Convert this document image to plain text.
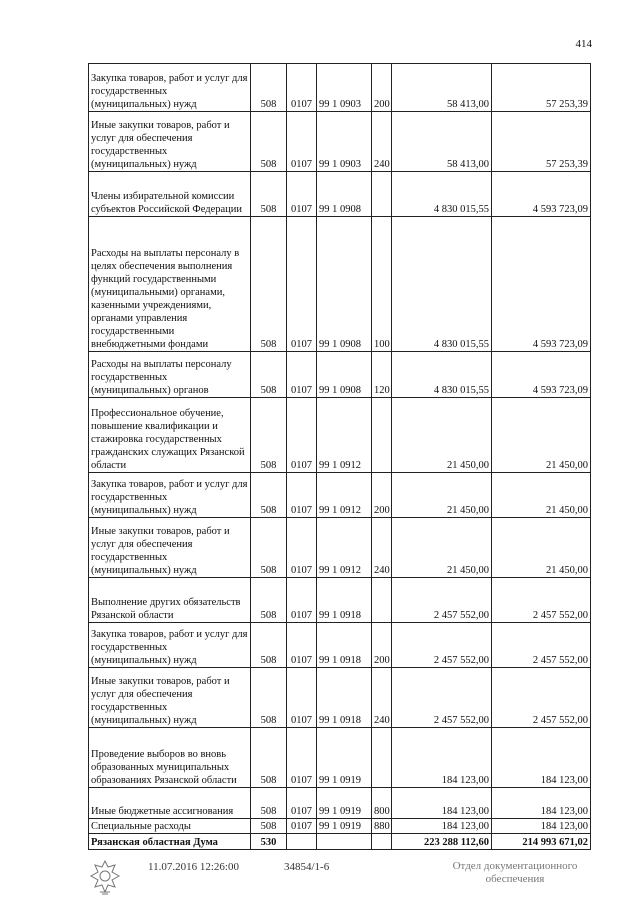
414
Закупка товаров, работ и услуг для государственных (муниципальных) нужд	508	0107	99 1 0903	200	58 413,00	57 253,39
Иные закупки товаров, работ и услуг для обеспечения государственных (муниципальных) нужд	508	0107	99 1 0903	240	58 413,00	57 253,39
Члены избирательной комиссии субъектов Российской Федерации	508	0107	99 1 0908		4 830 015,55	4 593 723,09
Расходы на выплаты персоналу в целях обеспечения выполнения функций государственными (муниципальными) органами, казенными учреждениями, органами управления государственными внебюджетными фондами	508	0107	99 1 0908	100	4 830 015,55	4 593 723,09
Расходы на выплаты персоналу государственных (муниципальных) органов	508	0107	99 1 0908	120	4 830 015,55	4 593 723,09
Профессиональное обучение, повышение квалификации и стажировка государственных гражданских служащих Рязанской области	508	0107	99 1 0912		21 450,00	21 450,00
Закупка товаров, работ и услуг для государственных (муниципальных) нужд	508	0107	99 1 0912	200	21 450,00	21 450,00
Иные закупки товаров, работ и услуг для обеспечения государственных (муниципальных) нужд	508	0107	99 1 0912	240	21 450,00	21 450,00
Выполнение других обязательств Рязанской области	508	0107	99 1 0918		2 457 552,00	2 457 552,00
Закупка товаров, работ и услуг для государственных (муниципальных) нужд	508	0107	99 1 0918	200	2 457 552,00	2 457 552,00
Иные закупки товаров, работ и услуг для обеспечения государственных (муниципальных) нужд	508	0107	99 1 0918	240	2 457 552,00	2 457 552,00
Проведение выборов во вновь образованных муниципальных образованиях Рязанской области	508	0107	99 1 0919		184 123,00	184 123,00
Иные бюджетные ассигнования	508	0107	99 1 0919	800	184 123,00	184 123,00
Специальные расходы	508	0107	99 1 0919	880	184 123,00	184 123,00
Рязанская областная Дума	530				223 288 112,60	214 993 671,02
11.07.2016 12:26:00	34854/1-6	Отдел документационного
обеспечения
